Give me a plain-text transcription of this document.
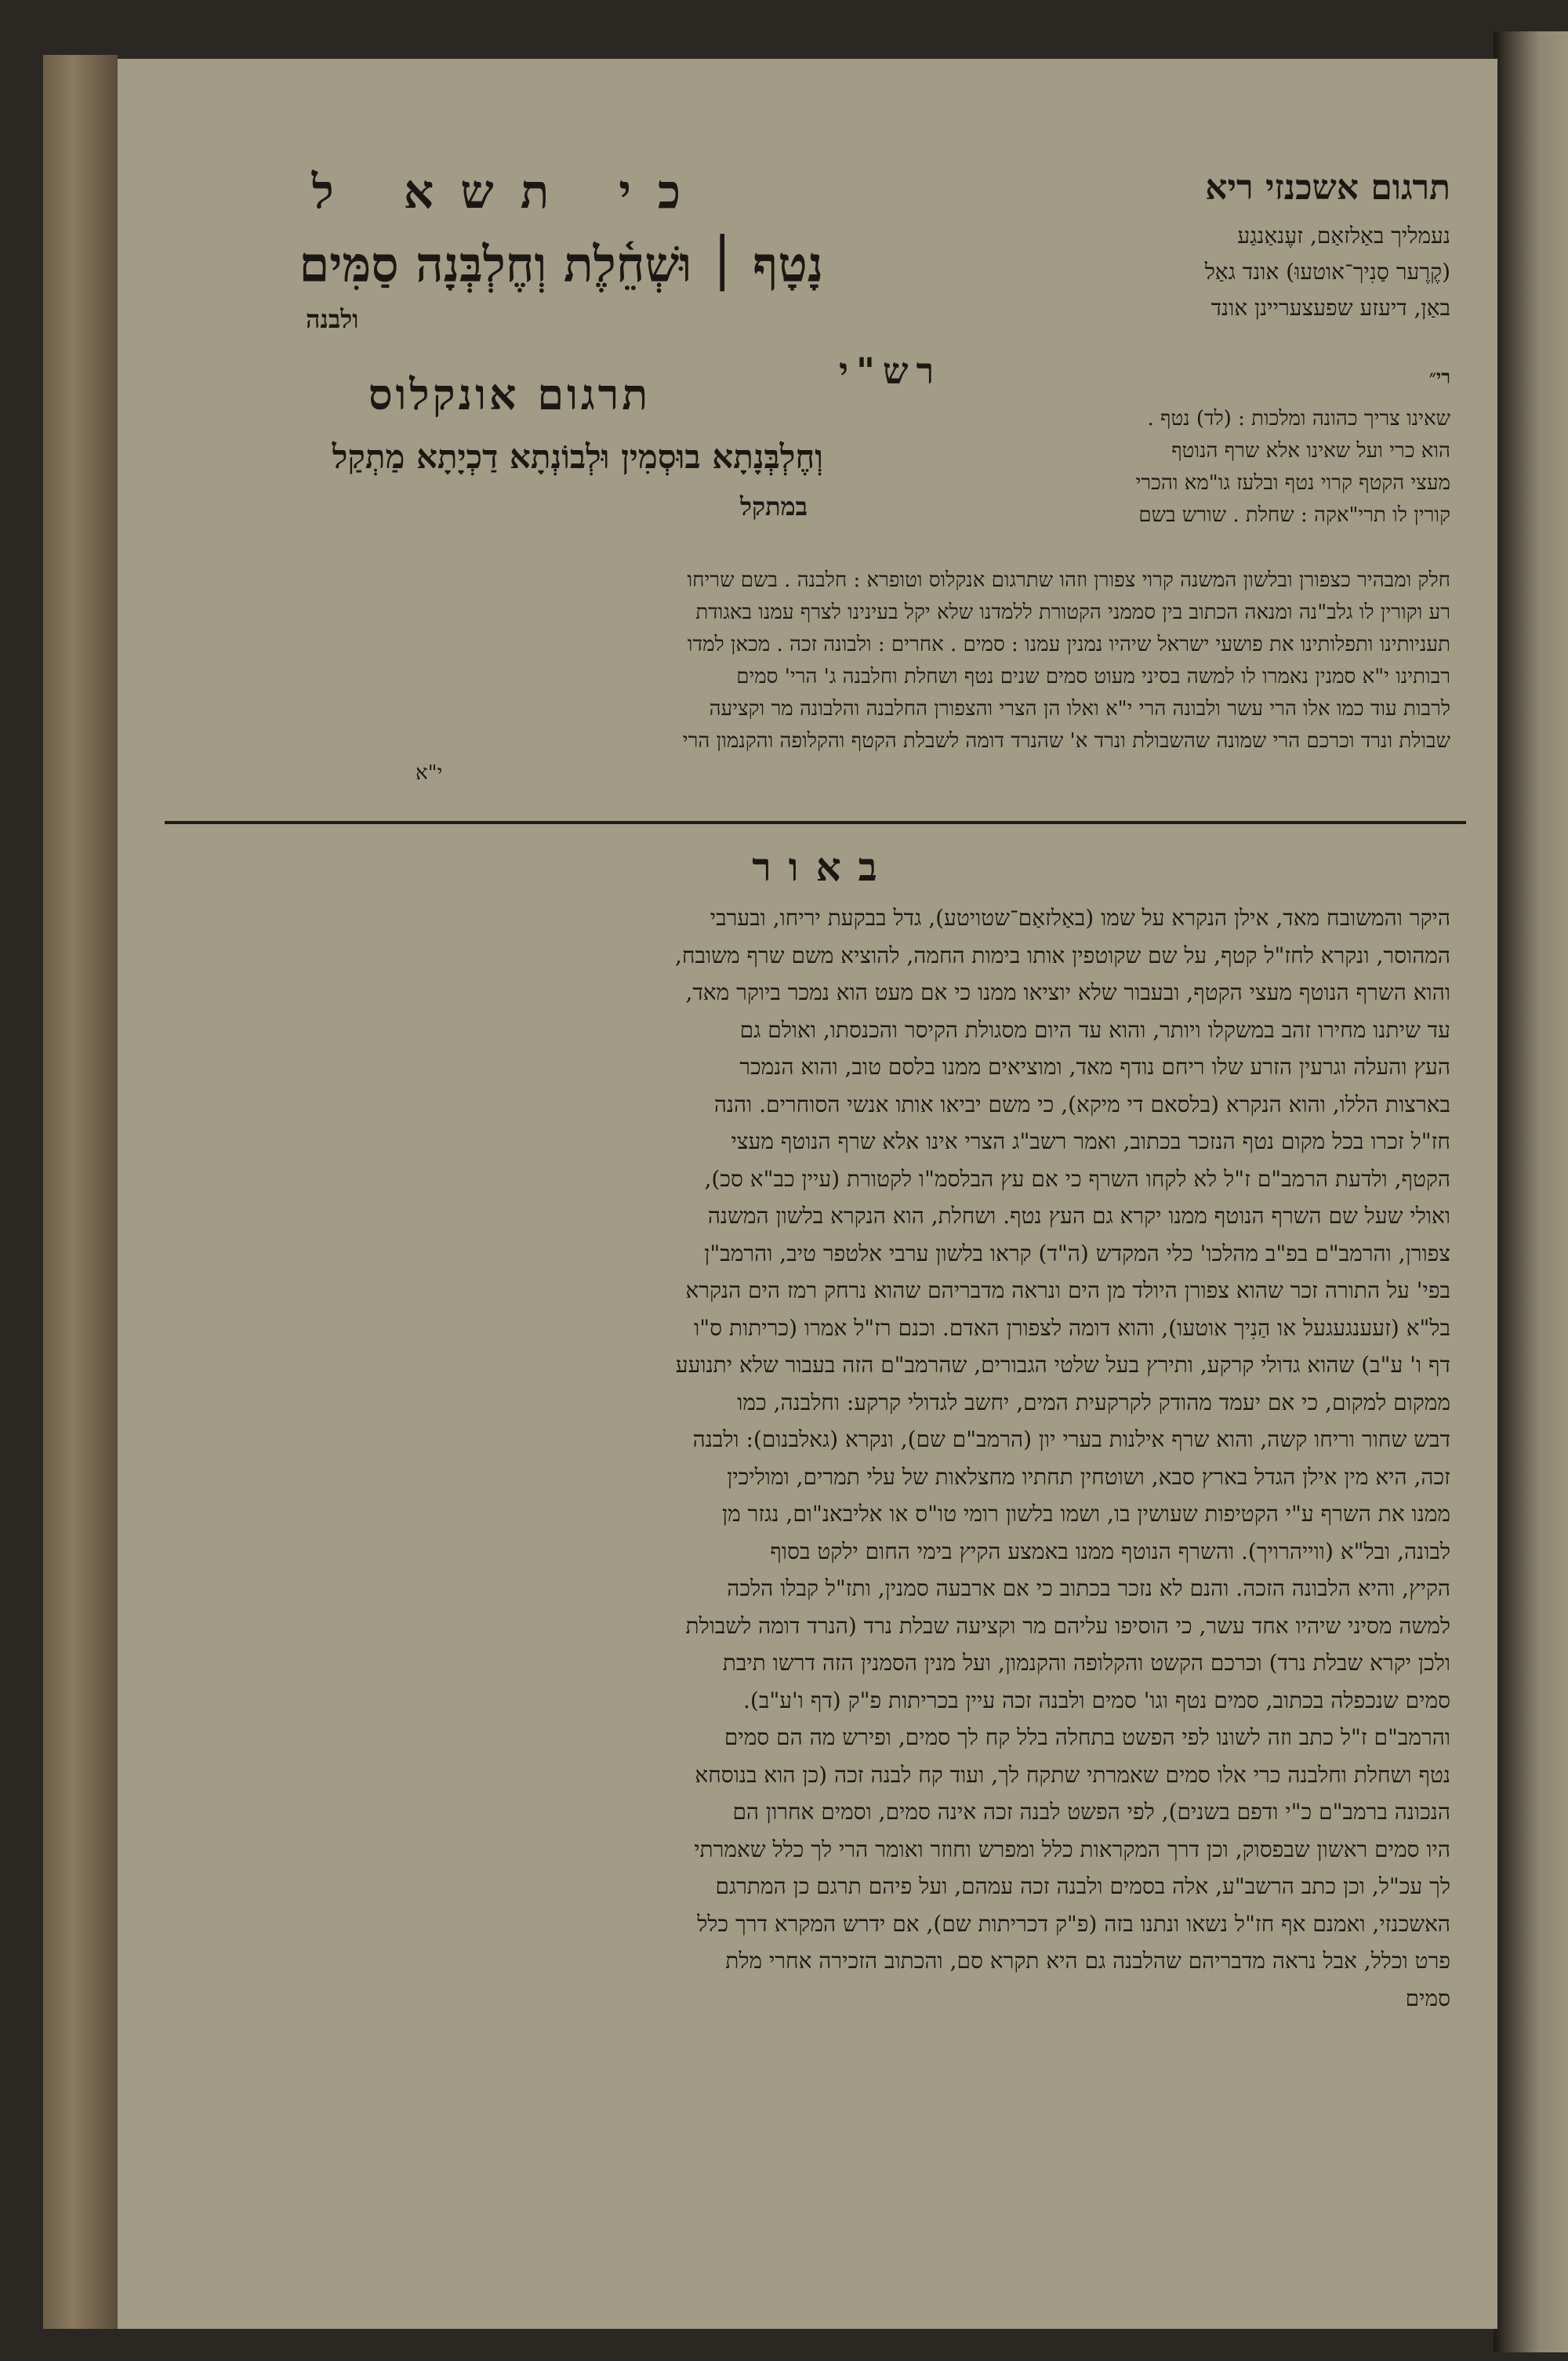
כי תשא ל
נָטָף ׀ וּשְׁחֵ֫לֶת וְחֶלְבְּנָה סַמִּים
ולבנה
תרגום אונקלוס
וְחֶלְבְּנָתָא בוּסְמִין וּלְבוֹנְתָא דַכְיָתָא מַתְקַל
במתקל
תרגום אשכנזי ריא
נעמליך באַלזאַם, זעֶנאַנגַע
(קֶרֶער סַנִיך־אוטעוּ) אונד גאַל
באַן, דיעזע שפעצעריינן אונד
רש"י	רי״
שאינו צריך כהונה ומלכות : (לד) נטף .
הוא כרי ועל שאינו אלא שרף הנוטף
מעצי הקטף קרוי נטף ובלעז גו"מא והכרי
קורין לו תרי"אקה : שחלת . שורש בשם
חלק ומבהיר כצפורן ובלשון המשנה קרוי צפורן וזהו שתרגום אנקלוס וטופרא : חלבנה . בשם שריחו
רע וקורין לו גלב"נה ומנאה הכתוב בין סממני הקטורת ללמדנו שלא יקל בעינינו לצרף עמנו באגודת
תעניותינו ותפלותינו את פושעי ישראל שיהיו נמנין עמנו : סמים . אחרים : ולבונה זכה . מכאן למדו
רבותינו י"א סמנין נאמרו לו למשה בסיני מעוט סמים שנים נטף ושחלת וחלבנה ג' הרי' סמים
לרבות עוד כמו אלו הרי עשר ולבונה הרי י"א ואלו הן הצרי והצפורן החלבנה והלבונה מר וקציעה
שבולת ונרד וכרכם הרי שמונה שהשבולת ונרד א' שהנרד דומה לשבלת הקטף והקלופה והקנמון הרי
י"א
באור
היקר והמשובח מאד, אילן הנקרא על שמו (באַלזאַם־שטויטע), גדל בבקעת יריחו, ובערבי
המהוסר, ונקרא לחז"ל קטף, על שם שקוטפין אותו בימות החמה, להוציא משם שרף משובח,
והוא השרף הנוטף מעצי הקטף, ובעבור שלא יוציאו ממנו כי אם מעט הוא נמכר ביוקר מאד,
עד שיתנו מחירו זהב במשקלו ויותר, והוא עד היום מסגולת הקיסר והכנסתו, ואולם גם
העץ והעלה וגרעין הזרע שלו ריחם נודף מאד, ומוציאים ממנו בלסם טוב, והוא הנמכר
בארצות הללו, והוא הנקרא (בלסאם די מיקא), כי משם יביאו אותו אנשי הסוחרים. והנה
חז"ל זכרו בכל מקום נטף הנזכר בכתוב, ואמר רשב"ג הצרי אינו אלא שרף הנוטף מעצי
הקטף, ולדעת הרמב"ם ז"ל לא לקחו השרף כי אם עץ הבלסמ"ו לקטורת (עיין כב"א סכ),
ואולי שעל שם השרף הנוטף ממנו יקרא גם העץ נטף. ושחלת, הוא הנקרא בלשון המשנה
צפורן, והרמב"ם בפ"ב מהלכו' כלי המקדש (ה"ד) קראו בלשון ערבי אלטפר טיב, והרמב"ן
בפי' על התורה זכר שהוא צפורן היולד מן הים ונראה מדבריהם שהוא נרחק רמז הים הנקרא
בל"א (זעענגעגעל או הַנִיך אוטעו), והוא דומה לצפורן האדם. וכנם רז"ל אמרו (כריתות ס"ו
דף ו' ע"ב) שהוא גדולי קרקע, ותירץ בעל שלטי הגבורים, שהרמב"ם הזה בעבור שלא יתנועע
ממקום למקום, כי אם יעמד מהודק לקרקעית המים, יחשב לגדולי קרקע: וחלבנה, כמו
דבש שחור וריחו קשה, והוא שרף אילנות בערי יון (הרמב"ם שם), ונקרא (גאלבנום): ולבנה
זכה, היא מין אילן הגדל בארץ סבא, ושוטחין תחתיו מחצלאות של עלי תמרים, ומוליכין
ממנו את השרף ע"י הקטיפות שעושין בו, ושמו בלשון רומי טו"ס או אליבאנ"ום, נגזר מן
לבונה, ובל"א (ווייהרויך). והשרף הנוטף ממנו באמצע הקיץ בימי החום ילקט בסוף
הקיץ, והיא הלבונה הזכה. והנם לא נזכר בכתוב כי אם ארבעה סמנין, ותז"ל קבלו הלכה
למשה מסיני שיהיו אחד עשר, כי הוסיפו עליהם מר וקציעה שבלת נרד (הנרד דומה לשבולת
ולכן יקרא שבלת נרד) וכרכם הקשט והקלופה והקנמון, ועל מנין הסמנין הזה דרשו תיבת
סמים שנכפלה בכתוב, סמים נטף וגו' סמים ולבנה זכה עיין בכריתות פ"ק (דף ו'ע"ב).
והרמב"ם ז"ל כתב וזה לשונו לפי הפשט בתחלה בלל קח לך סמים, ופירש מה הם סמים
נטף ושחלת וחלבנה כרי אלו סמים שאמרתי שתקח לך, ועוד קח לבנה זכה (כן הוא בנוסחא
הנכונה ברמב"ם כ"י ודפם בשנים), לפי הפשט לבנה זכה אינה סמים, וסמים אחרון הם
היו סמים ראשון שבפסוק, וכן דרך המקראות כלל ומפרש וחוזר ואומר הרי לך כלל שאמרתי
לך עכ"ל, וכן כתב הרשב"ע, אלה בסמים ולבנה זכה עמהם, ועל פיהם תרגם כן המתרגם
האשכנזי, ואמנם אף חז"ל נשאו ונתנו בזה (פ"ק דכריתות שם), אם ידרש המקרא דרך כלל
פרט וכלל, אבל נראה מדבריהם שהלבנה גם היא תקרא סם, והכתוב הזכירה אחרי מלת
סמים
